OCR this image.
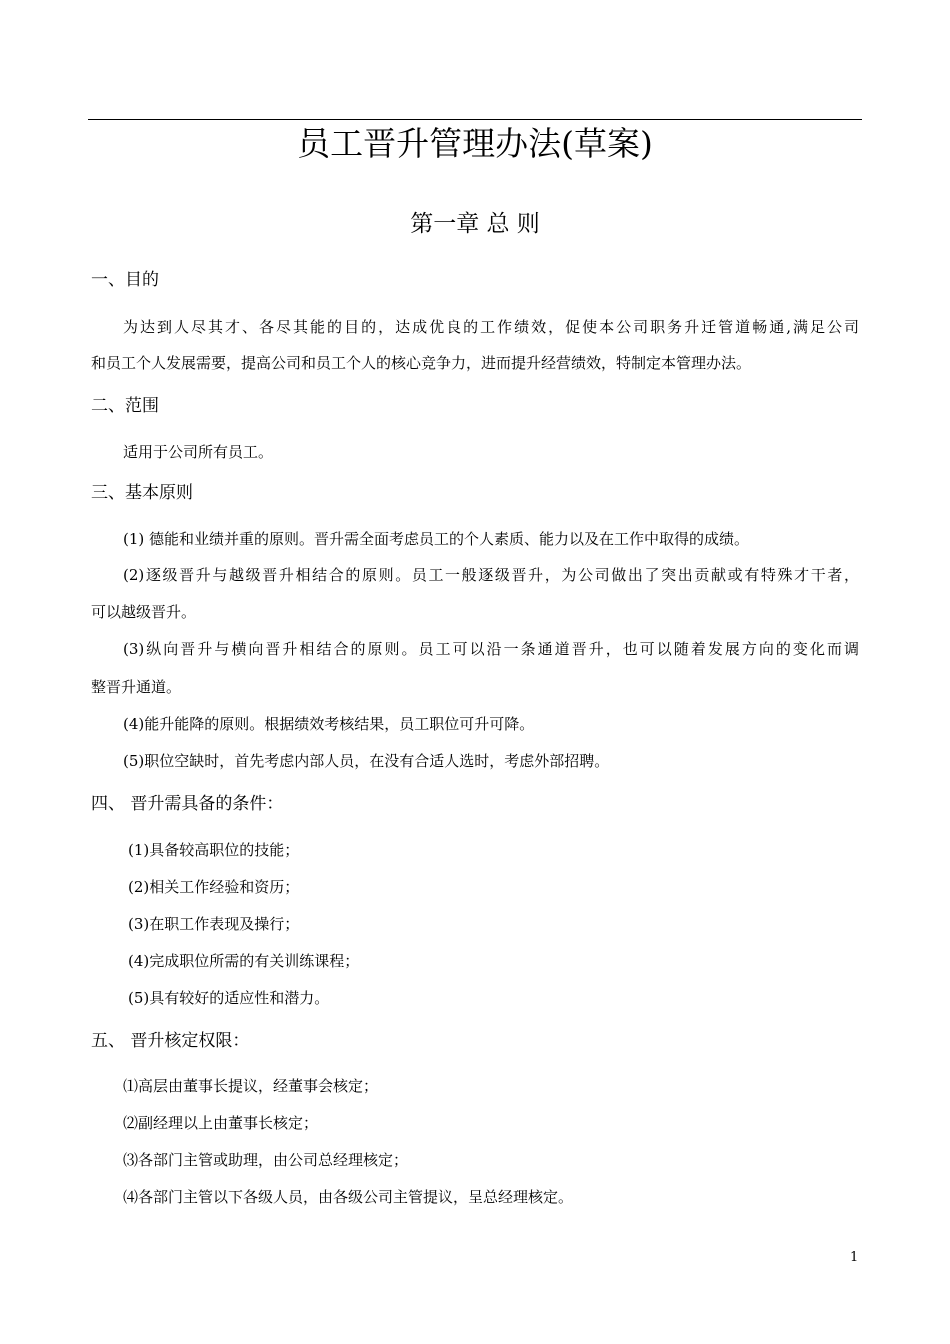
员工晋升管理办法(草案)
第一章 总 则
一、目的
为达到人尽其才、各尽其能的目的，达成优良的工作绩效，促使本公司职务升迁管道畅通,满足公司
和员工个人发展需要，提高公司和员工个人的核心竞争力，进而提升经营绩效，特制定本管理办法。
二、范围
适用于公司所有员工。
三、基本原则
(1) 德能和业绩并重的原则。晋升需全面考虑员工的个人素质、能力以及在工作中取得的成绩。
(2)逐级晋升与越级晋升相结合的原则。员工一般逐级晋升，为公司做出了突出贡献或有特殊才干者，
可以越级晋升。
(3)纵向晋升与横向晋升相结合的原则。员工可以沿一条通道晋升，也可以随着发展方向的变化而调
整晋升通道。
(4)能升能降的原则。根据绩效考核结果，员工职位可升可降。
(5)职位空缺时，首先考虑内部人员，在没有合适人选时，考虑外部招聘。
四、 晋升需具备的条件：
(1)具备较高职位的技能；
(2)相关工作经验和资历；
(3)在职工作表现及操行；
(4)完成职位所需的有关训练课程；
(5)具有较好的适应性和潜力。
五、 晋升核定权限：
⑴高层由董事长提议，经董事会核定；
⑵副经理以上由董事长核定；
⑶各部门主管或助理，由公司总经理核定；
⑷各部门主管以下各级人员，由各级公司主管提议，呈总经理核定。
1
